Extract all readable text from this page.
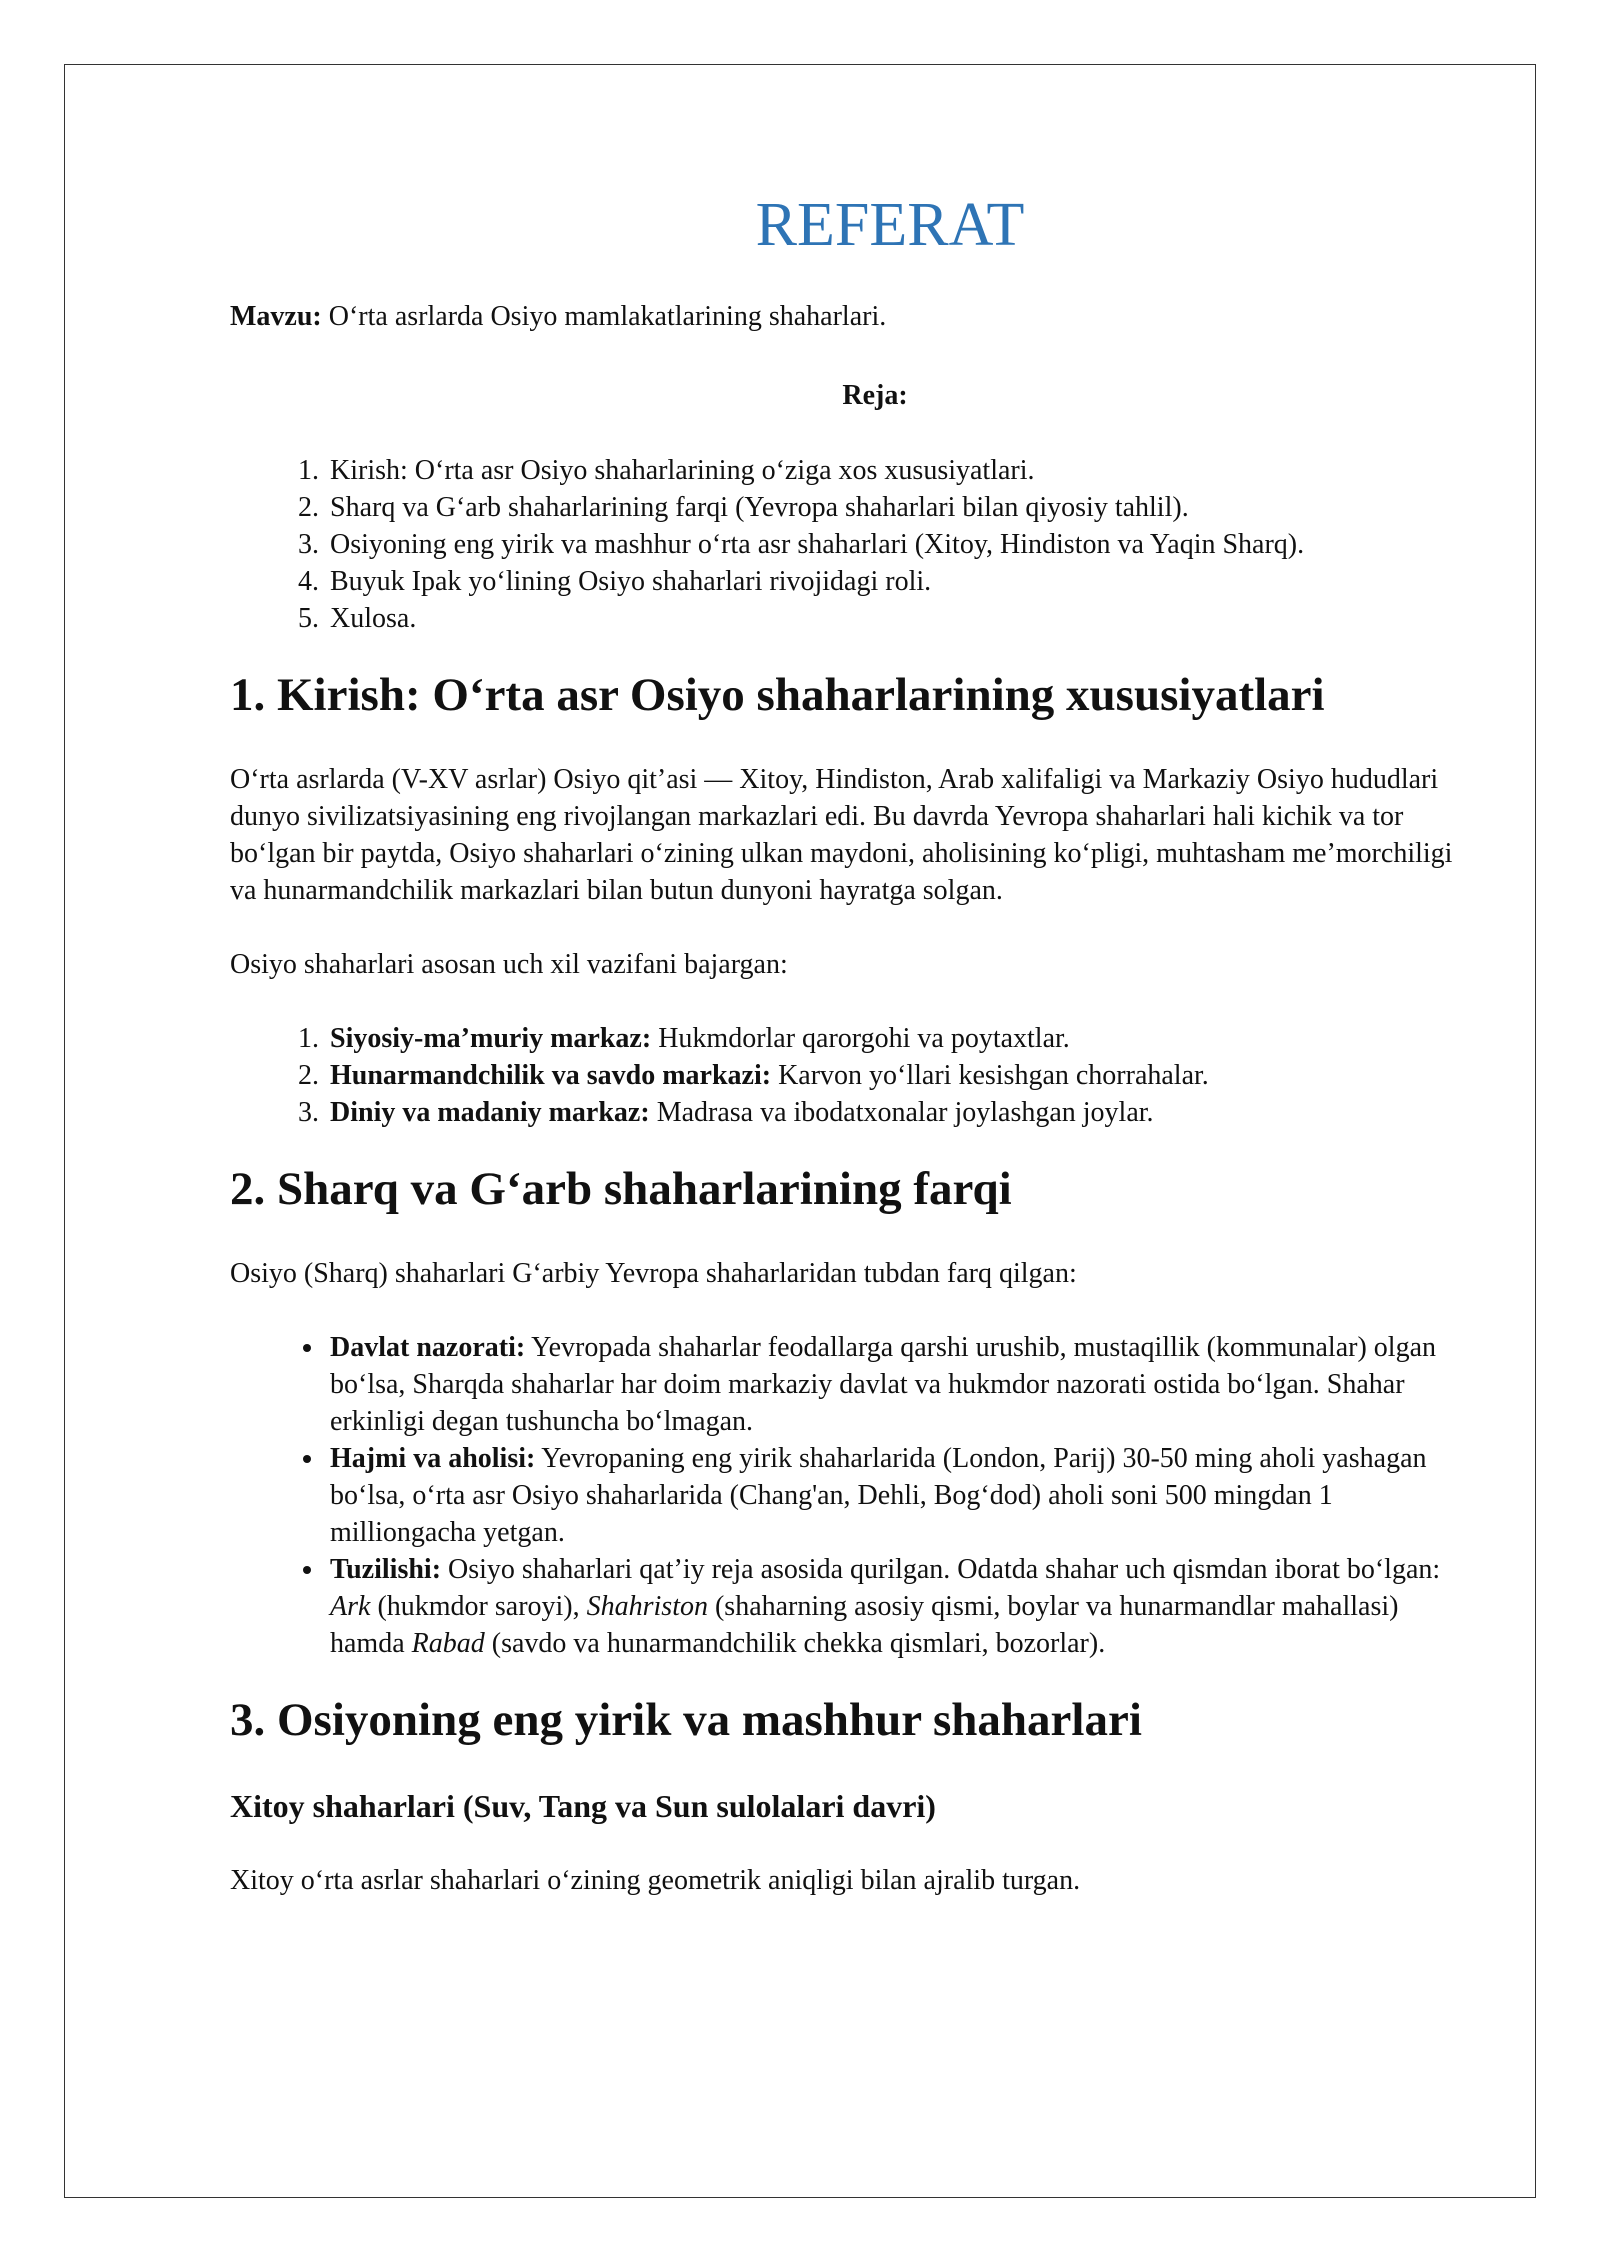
REFERAT

Mavzu: O‘rta asrlarda Osiyo mamlakatlarining shaharlari.

Reja:

1. Kirish: O‘rta asr Osiyo shaharlarining o‘ziga xos xususiyatlari.
2. Sharq va G‘arb shaharlarining farqi (Yevropa shaharlari bilan qiyosiy tahlil).
3. Osiyoning eng yirik va mashhur o‘rta asr shaharlari (Xitoy, Hindiston va Yaqin Sharq).
4. Buyuk Ipak yo‘lining Osiyo shaharlari rivojidagi roli.
5. Xulosa.
1. Kirish: O‘rta asr Osiyo shaharlarining xususiyatlari

O‘rta asrlarda (V-XV asrlar) Osiyo qit’asi — Xitoy, Hindiston, Arab xalifaligi va Markaziy Osiyo hududlari dunyo sivilizatsiyasining eng rivojlangan markazlari edi. Bu davrda Yevropa shaharlari hali kichik va tor bo‘lgan bir paytda, Osiyo shaharlari o‘zining ulkan maydoni, aholisining ko‘pligi, muhtasham me’morchiligi va hunarmandchilik markazlari bilan butun dunyoni hayratga solgan.

Osiyo shaharlari asosan uch xil vazifani bajargan:

1. Siyosiy-ma’muriy markaz: Hukmdorlar qarorgohi va poytaxtlar.
2. Hunarmandchilik va savdo markazi: Karvon yo‘llari kesishgan chorrahalar.
3. Diniy va madaniy markaz: Madrasa va ibodatxonalar joylashgan joylar.
2. Sharq va G‘arb shaharlarining farqi

Osiyo (Sharq) shaharlari G‘arbiy Yevropa shaharlaridan tubdan farq qilgan:

• Davlat nazorati: Yevropada shaharlar feodallarga qarshi urushib, mustaqillik (kommunalar) olgan bo‘lsa, Sharqda shaharlar har doim markaziy davlat va hukmdor nazorati ostida bo‘lgan. Shahar erkinligi degan tushuncha bo‘lmagan.
• Hajmi va aholisi: Yevropaning eng yirik shaharlarida (London, Parij) 30-50 ming aholi yashagan bo‘lsa, o‘rta asr Osiyo shaharlarida (Chang'an, Dehli, Bog‘dod) aholi soni 500 mingdan 1 milliongacha yetgan.
• Tuzilishi: Osiyo shaharlari qat’iy reja asosida qurilgan. Odatda shahar uch qismdan iborat bo‘lgan: Ark (hukmdor saroyi), Shahriston (shaharning asosiy qismi, boylar va hunarmandlar mahallasi) hamda Rabad (savdo va hunarmandchilik chekka qismlari, bozorlar).
3. Osiyoning eng yirik va mashhur shaharlari
Xitoy shaharlari (Suv, Tang va Sun sulolalari davri)

Xitoy o‘rta asrlar shaharlari o‘zining geometrik aniqligi bilan ajralib turgan.
